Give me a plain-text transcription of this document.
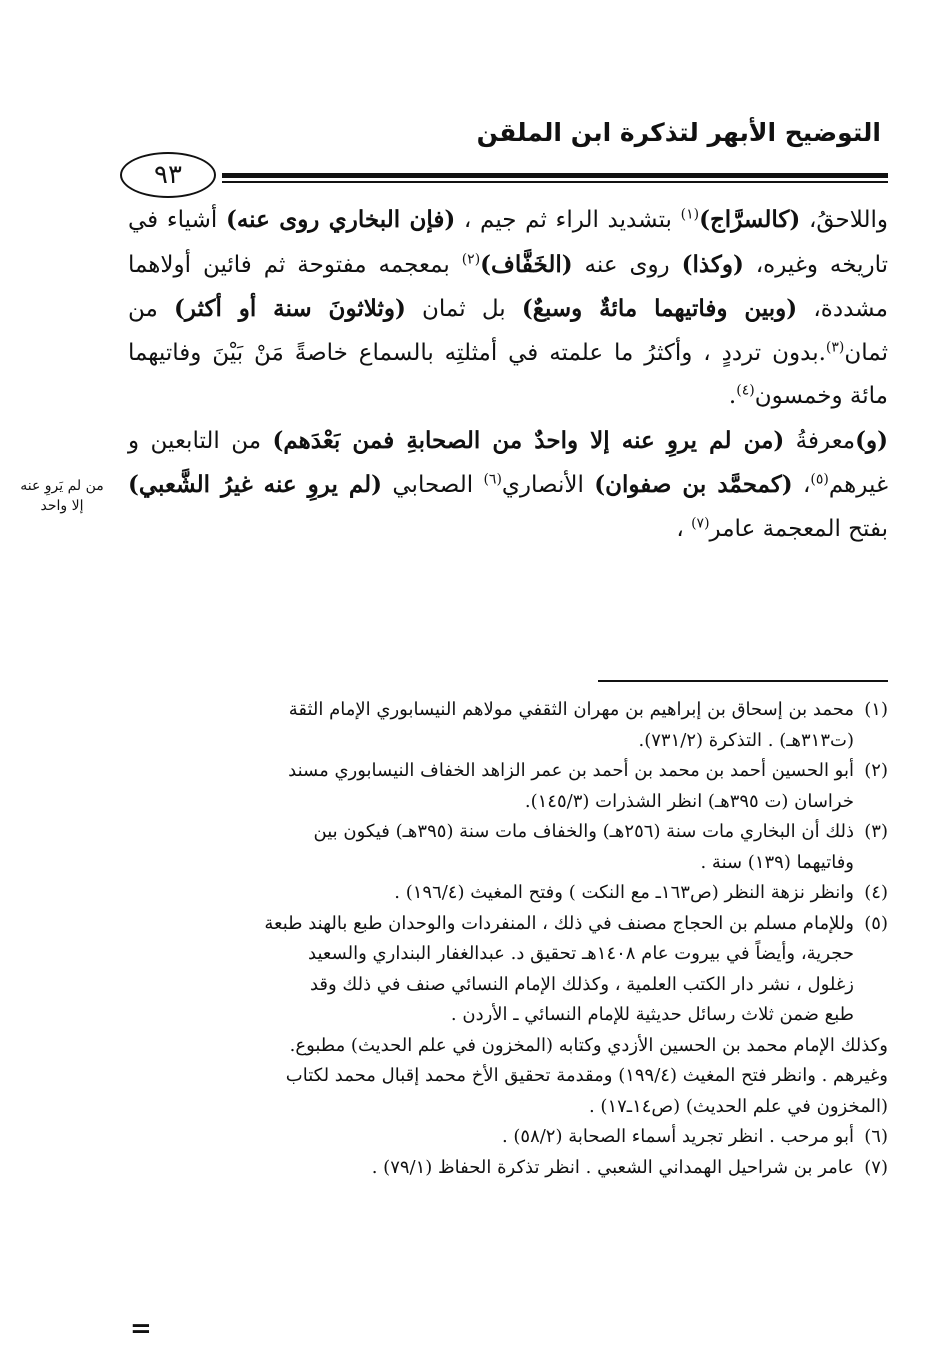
التوضيح الأبهر لتذكرة ابن الملقن
٩٣

واللاحقُ، (كالسرَّاج)$^{(١)}$ بتشديد الراء ثم جيم ، (فإن البخاري روى عنه) أشياء في تاريخه وغيره، (وكذا) روى عنه (الخَفَّاف)$^{(٢)}$ بمعجمه مفتوحة ثم فائين أولاهما مشددة، (وبين وفاتيهما مائةٌ وسبعٌ) بل ثمان (وثلاثونَ سنة أو أكثر) من ثمان$^{(٣)}$.بدون ترددٍ ، وأكثرُ ما علمته في أمثلتِه بالسماع خاصةً مَنْ بَيْنَ وفاتيهما مائة وخمسون$^{(٤)}$.

(و)معرفةُ (من لم يروِ عنه إلا واحدٌ من الصحابةِ فمن بَعْدَهم) من التابعين و غيرهم$^{(٥)}$، (كمحمَّد بن صفوان) الأنصاري$^{(٦)}$ الصحابي (لم يروِ عنه غيرُ الشَّعبي) بفتح المعجمة عامر$^{(٧)}$ ،

من لم يَروِ عنه
إلا واحد
(١)محمد بن إسحاق بن إبراهيم بن مهران الثقفي مولاهم النيسابوري الإمام الثقة
(ت٣١٣هـ) . التذكرة (٧٣١/٢).
(٢)أبو الحسين أحمد بن محمد بن أحمد بن عمر الزاهد الخفاف النيسابوري مسند
خراسان (ت ٣٩٥هـ) انظر الشذرات (١٤٥/٣).
(٣)ذلك أن البخاري مات سنة (٢٥٦هـ) والخفاف مات سنة (٣٩٥هـ) فيكون بين
وفاتيهما (١٣٩) سنة .
(٤)وانظر نزهة النظر (ص١٦٣ـ مع النكت ) وفتح المغيث (١٩٦/٤) .
(٥)وللإمام مسلم بن الحجاج مصنف في ذلك ، المنفردات والوحدان طبع بالهند طبعة
حجرية، وأيضاً في بيروت عام ١٤٠٨هـ تحقيق د. عبدالغفار البنداري والسعيد
زغلول ، نشر دار الكتب العلمية ، وكذلك الإمام النسائي صنف في ذلك وقد
طبع ضمن ثلاث رسائل حديثية للإمام النسائي ـ الأردن .
وكذلك الإمام محمد بن الحسين الأزدي وكتابه (المخزون في علم الحديث) مطبوع.
وغيرهم . وانظر فتح المغيث (١٩٩/٤) ومقدمة تحقيق الأخ محمد إقبال محمد لكتاب
(المخزون في علم الحديث) (ص١٤ـ١٧) .
(٦)أبو مرحب . انظر تجريد أسماء الصحابة (٥٨/٢) .
(٧)عامر بن شراحيل الهمداني الشعبي . انظر تذكرة الحفاظ (٧٩/١) .
=
